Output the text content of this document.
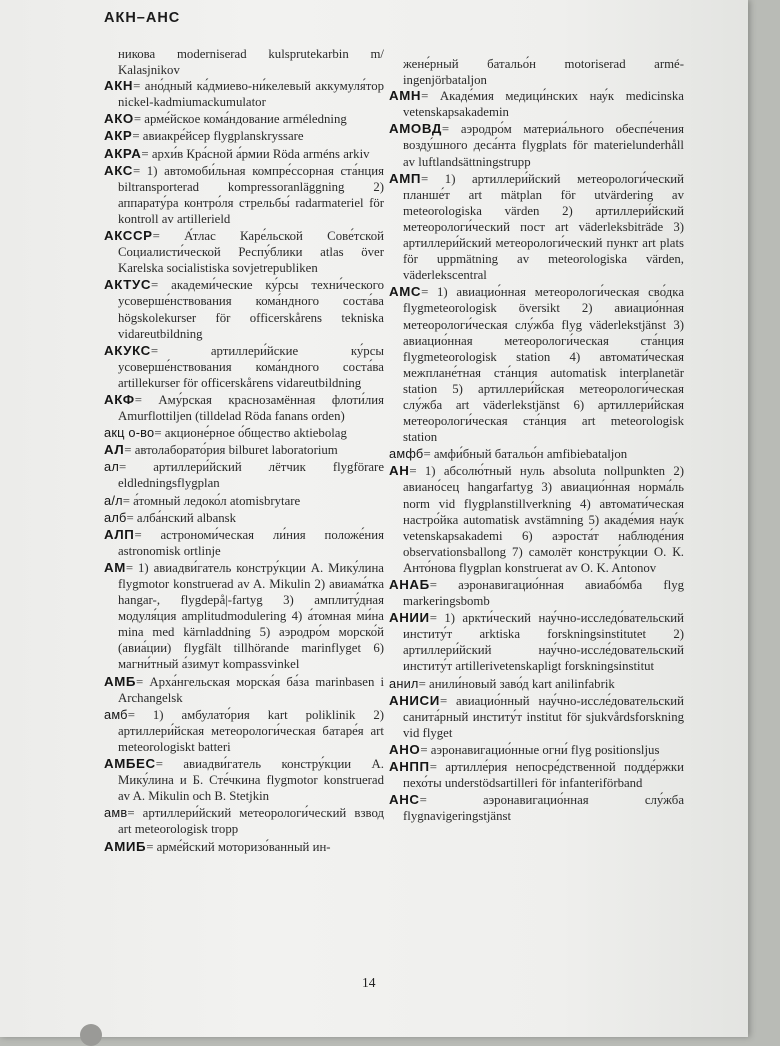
АКН–АНС
никова moderniserad kulsprutekarbin m/ Kalasjnikov
АКН= ано́дный ка́дмиево-ни́келевый аккумуля́тор nickel-kadmiumackumulator
АКО= арме́йское кома́ндование arméledning
АКР= авиакре́йсер flygplanskryssare
АКРА= архи́в Кра́сной а́рмии Röda arméns arkiv
АКС= 1) автомоби́льная компре́ссорная ста́нция biltransporterad kompressoranläggning 2) аппарату́ра контро́ля стрельбы́ radarmateriel för kontroll av artillerield
АКССР= А́тлас Каре́льской Сове́тской Социалисти́ческой Респу́блики atlas över Karelska socialistiska sovjetrepubliken
АКТУС= академи́ческие ку́рсы техни́ческого усоверше́нствования кома́ндного соста́ва högskolekurser för officerskårens tekniska vidareutbildning
АКУКС= артиллери́йские ку́рсы усоверше́нствования кома́ндного соста́ва artillekurser för officerskårens vidareutbildning
АКФ= Аму́рская краснозамённая флоти́лия Amurflottiljen (tilldelad Röda fanans orden)
акц о-во= акционе́рное о́бщество aktiebolag
АЛ= автолаборато́рия bilburet laboratorium
ал= артиллери́йский лётчик flygförare eldledningsflygplan
а/л= а́томный ледоко́л atomisbrytare
алб= алба́нский albansk
АЛП= астрономи́ческая ли́ния положе́ния astronomisk ortlinje
АМ= 1) авиадви́гатель констру́кции А. Мику́лина flygmotor konstruerad av A. Mikulin 2) авиама́тка hangar-, flygdepå|-fartyg 3) амплиту́дная модуля́ция amplitudmodulering 4) а́томная ми́на mina med kärnladdning 5) аэродро́м морско́й (авиа́ции) flygfält tillhörande marinflyget 6) магни́тный а́зимут kompassvinkel
АМБ= Арха́нгельская морска́я ба́за marinbasen i Archangelsk
амб= 1) амбулато́рия kart poliklinik 2) артиллери́йская метеорологи́ческая батаре́я art meteorologiskt batteri
АМБЕС= авиадви́гатель констру́кции А. Мику́лина и Б. Сте́чкина flygmotor konstruerad av A. Mikulin och B. Stetjkin
амв= артиллери́йский метеорологи́ческий взвод art meteorologisk tropp
АМИБ= арме́йский моторизо́ванный ин-
жене́рный батальо́н motoriserad armé-ingenjörbataljon
АМН= Акаде́мия медици́нских нау́к medicinska vetenskapsakademin
АМОВД= аэродро́м материа́льного обеспе́чения возду́шного деса́нта flygplats för materielunderhåll av luftlandsättningstrupp
АМП= 1) артиллери́йский метеорологи́ческий планше́т art mätplan för utvärdering av meteorologiska värden 2) артиллери́йский метеорологи́ческий пост art väderleksbiträde 3) артиллери́йский метеорологи́ческий пункт art plats för uppmätning av meteorologiska värden, väderlekscentral
АМС= 1) авиацио́нная метеорологи́ческая сво́дка flygmeteorologisk översikt 2) авиацио́нная метеорологи́ческая слу́жба flyg väderlekstjänst 3) авиацио́нная метеорологи́ческая ста́нция flygmeteorologisk station 4) автомати́ческая межплане́тная ста́нция automatisk interplanetär station 5) артиллери́йская метеорологи́ческая слу́жба art väderlekstjänst 6) артиллери́йская метеорологи́ческая ста́нция art meteorologisk station
амфб= амфи́бный батальо́н amfibiebataljon
АН= 1) абсолю́тный нуль absoluta nollpunkten 2) авиано́сец hangarfartyg 3) авиацио́нная норма́ль norm vid flygplanstillverkning 4) автомати́ческая настро́йка automatisk avstämning 5) акаде́мия нау́к vetenskapsakademi 6) аэроста́т наблюде́ния observationsballong 7) самолёт констру́кции О. К. Анто́нова flygplan konstruerat av O. K. Antonov
АНАБ= аэронавигацио́нная авиабо́мба flyg markeringsbomb
АНИИ= 1) аркти́ческий нау́чно-исследо́вательский институ́т arktiska forskningsinstitutet 2) артиллери́йский нау́чно-иссле́довательский институ́т artillerivetenskapligt forskningsinstitut
анил= анили́новый заво́д kart anilinfabrik
АНИСИ= авиацио́нный нау́чно-иссле́довательский санита́рный институ́т institut för sjukvårdsforskning vid flyget
АНО= аэронавигацио́нные огни́ flyg positionsljus
АНПП= артилле́рия непосре́дственной подде́ржки пехо́ты understödsartilleri för infanteriförband
АНС= аэронавигацио́нная слу́жба flygnavigeringstjänst
14
